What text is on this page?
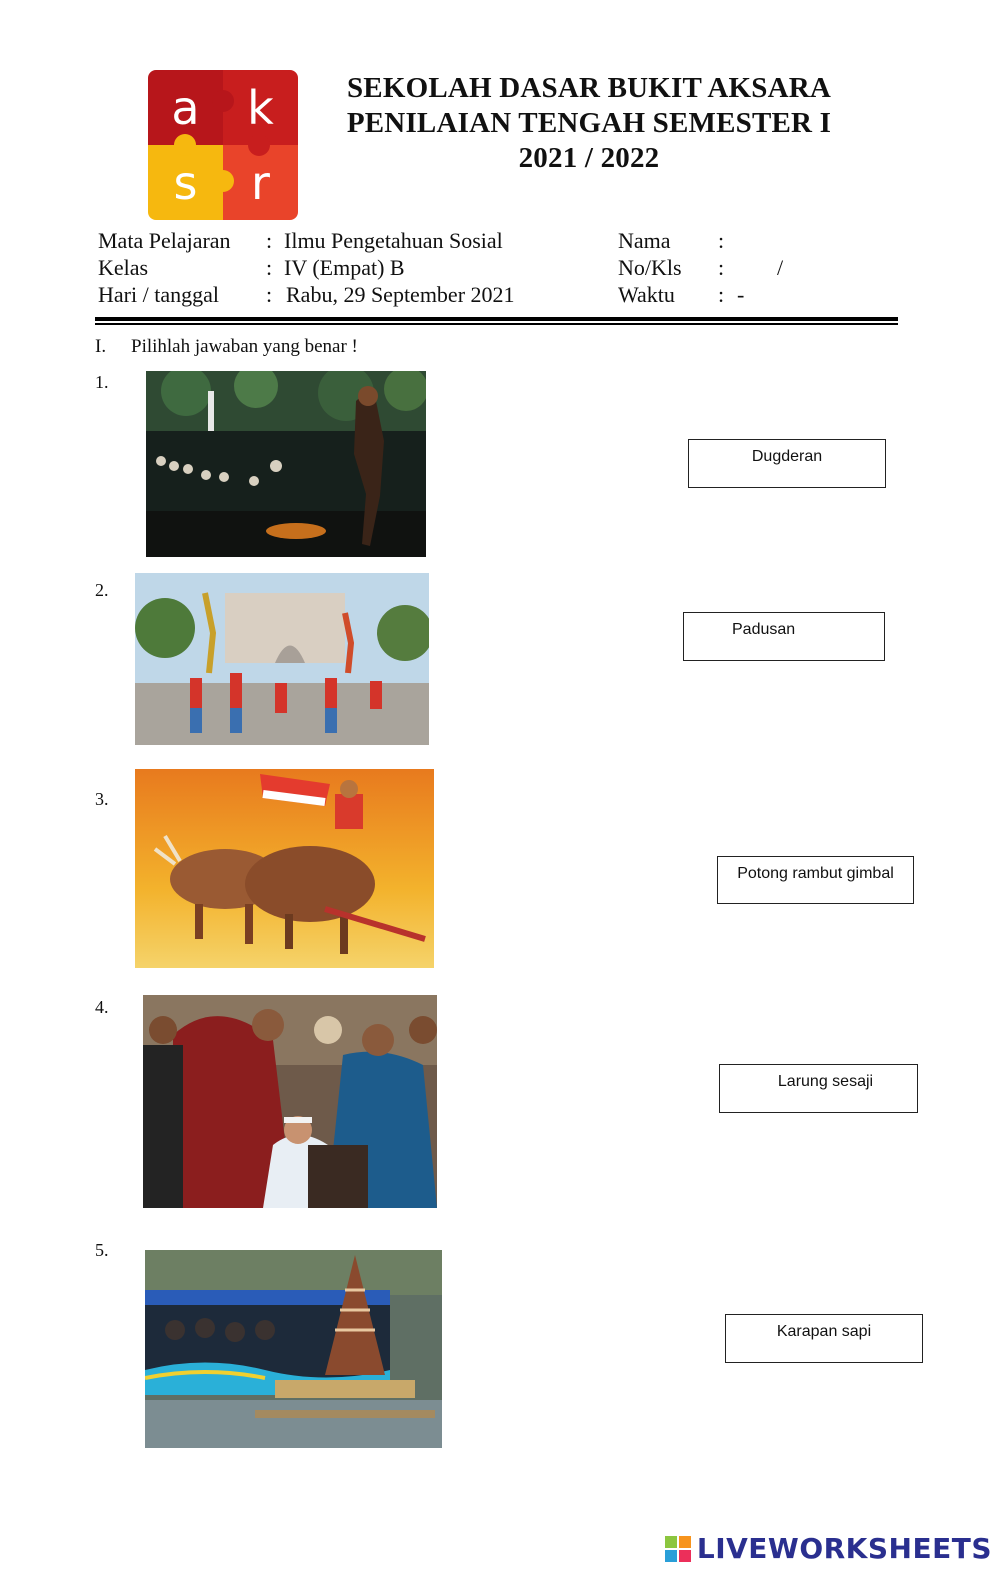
a k
s r
SEKOLAH DASAR BUKIT AKSARA
PENILAIAN TENGAH SEMESTER I
2021 / 2022
Mata Pelajaran : Ilmu Pengetahuan Sosial
Kelas	: IV (Empat) B
Hari / tanggal : Rabu, 29 September 2021
Nama :
No/Kls : /
Waktu : -
I. Pilihlah jawaban yang benar !
1.
2.
3.
4.
5.
Dugderan
Padusan
Potong rambut gimbal
Larung sesaji
Karapan sapi
LIVEWORKSHEETS
